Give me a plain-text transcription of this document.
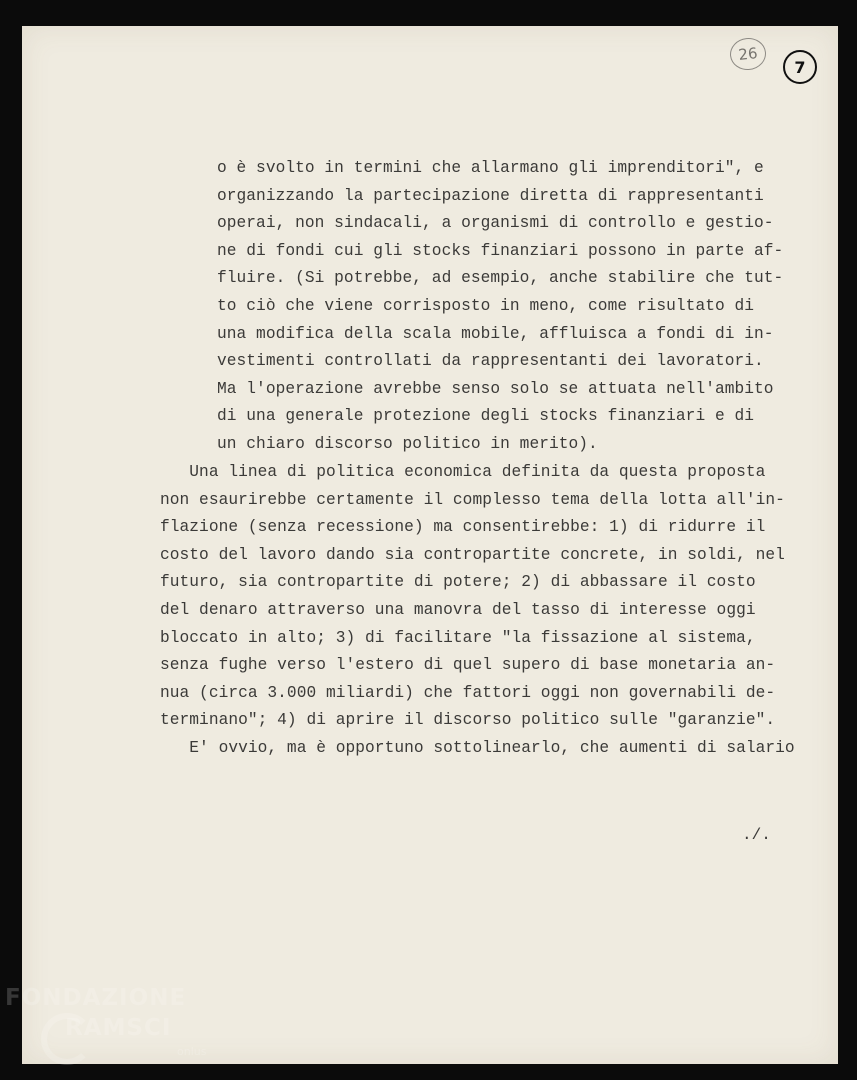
26
7
o è svolto in termini che allarmano gli imprenditori", e
organizzando la partecipazione diretta di rappresentanti
operai, non sindacali, a organismi di controllo e gestio-
ne di fondi cui gli stocks finanziari possono in parte af-
fluire. (Si potrebbe, ad esempio, anche stabilire che tut-
to ciò che viene corrisposto in meno, come risultato di
una modifica della scala mobile, affluisca a fondi di in-
vestimenti controllati da rappresentanti dei lavoratori.
Ma l'operazione avrebbe senso solo se attuata nell'ambito
di una generale protezione degli stocks finanziari e di
un chiaro discorso politico in merito).
Una linea di politica economica definita da questa proposta
non esaurirebbe certamente il complesso tema della lotta all'in-
flazione (senza recessione) ma consentirebbe: 1) di ridurre il
costo del lavoro dando sia contropartite concrete, in soldi, nel
futuro, sia contropartite di potere; 2) di abbassare il costo
del denaro attraverso una manovra del tasso di interesse oggi
bloccato in alto; 3) di facilitare "la fissazione al sistema,
senza fughe verso l'estero di quel supero di base monetaria an-
nua (circa 3.000 miliardi) che fattori oggi non governabili de-
terminano"; 4) di aprire il discorso politico sulle "garanzie".
E' ovvio, ma è opportuno sottolinearlo, che aumenti di salario
./.
